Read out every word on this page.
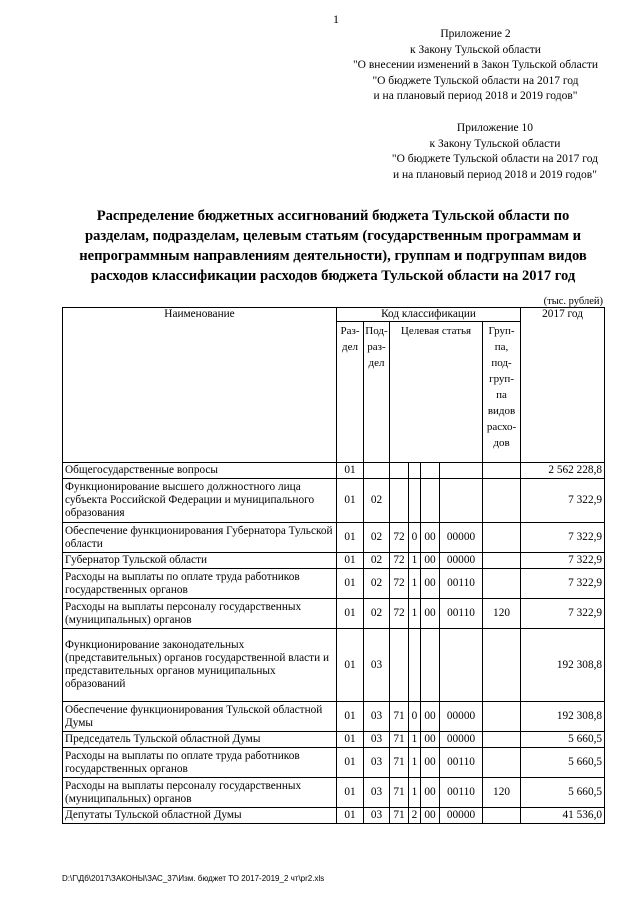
1
Приложение 2
к Закону Тульской области
"О внесении изменений в Закон Тульской области
"О бюджете Тульской области на 2017 год
и на плановый период 2018 и 2019 годов"
Приложение 10
к Закону Тульской области
"О бюджете Тульской области на 2017 год
и на плановый период 2018 и 2019 годов"
Распределение бюджетных ассигнований бюджета Тульской области по
разделам, подразделам, целевым статьям (государственным программам и
непрограммным направлениям деятельности), группам и подгруппам видов
расходов классификации расходов бюджета Тульской области на 2017 год
(тыс. рублей)
Наименование	Код классификации							2017 год
	Раз-дел	Под-раз-дел	Целевая статья				Груп-па, под-груп-па видов расхо-дов	
Общегосударственные вопросы	01							2 562 228,8
Функционирование высшего должностного лица субъекта Российской Федерации и муниципального образования	01	02						7 322,9
Обеспечение функционирования Губернатора Тульской области	01	02	72	0	00	00000		7 322,9
Губернатор Тульской области	01	02	72	1	00	00000		7 322,9
Расходы на выплаты по оплате труда работников государственных органов	01	02	72	1	00	00110		7 322,9
Расходы на выплаты персоналу государственных (муниципальных) органов	01	02	72	1	00	00110	120	7 322,9
Функционирование законодательных (представительных) органов государственной власти и представительных органов муниципальных образований	01	03						192 308,8
Обеспечение функционирования Тульской областной Думы	01	03	71	0	00	00000		192 308,8
Председатель Тульской областной Думы	01	03	71	1	00	00000		5 660,5
Расходы на выплаты по оплате труда работников государственных органов	01	03	71	1	00	00110		5 660,5
Расходы на выплаты персоналу государственных (муниципальных) органов	01	03	71	1	00	00110	120	5 660,5
Депутаты Тульской областной Думы	01	03	71	2	00	00000		41 536,0
D:\Г\Дб\2017\ЗАКОНЫ\ЗАС_37\Изм. бюджет ТО 2017-2019_2 чт\pr2.xls
